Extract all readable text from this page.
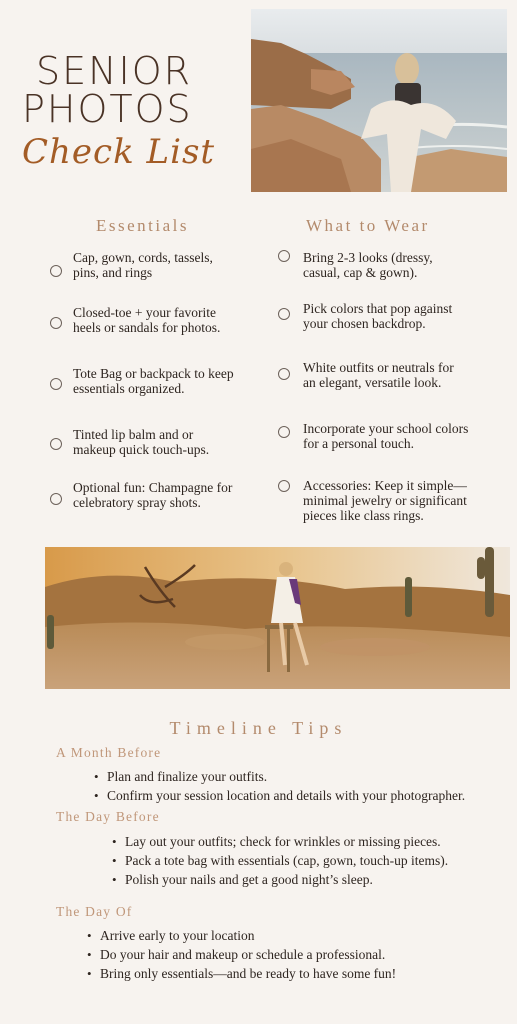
SENIOR
PHOTOS
Check List
Essentials	What to Wear
Cap, gown, cords, tassels,
pins, and rings
Closed-toe + your favorite
heels or sandals for photos.
Tote Bag or backpack to keep
essentials organized.
Tinted lip balm and or
makeup quick touch-ups.
Optional fun: Champagne for
celebratory spray shots.
Bring 2-3 looks (dressy,
casual, cap & gown).
Pick colors that pop against
your chosen backdrop.
White outfits or neutrals for
an elegant, versatile look.
Incorporate your school colors
for a personal touch.
Accessories: Keep it simple—
minimal jewelry or significant
pieces like class rings.
Timeline Tips
A Month Before
• Plan and finalize your outfits.
• Confirm your session location and details with your photographer.
The Day Before
• Lay out your outfits; check for wrinkles or missing pieces.
• Pack a tote bag with essentials (cap, gown, touch-up items).
• Polish your nails and get a good night’s sleep.
The Day Of
• Arrive early to your location
• Do your hair and makeup or schedule a professional.
• Bring only essentials—and be ready to have some fun!
